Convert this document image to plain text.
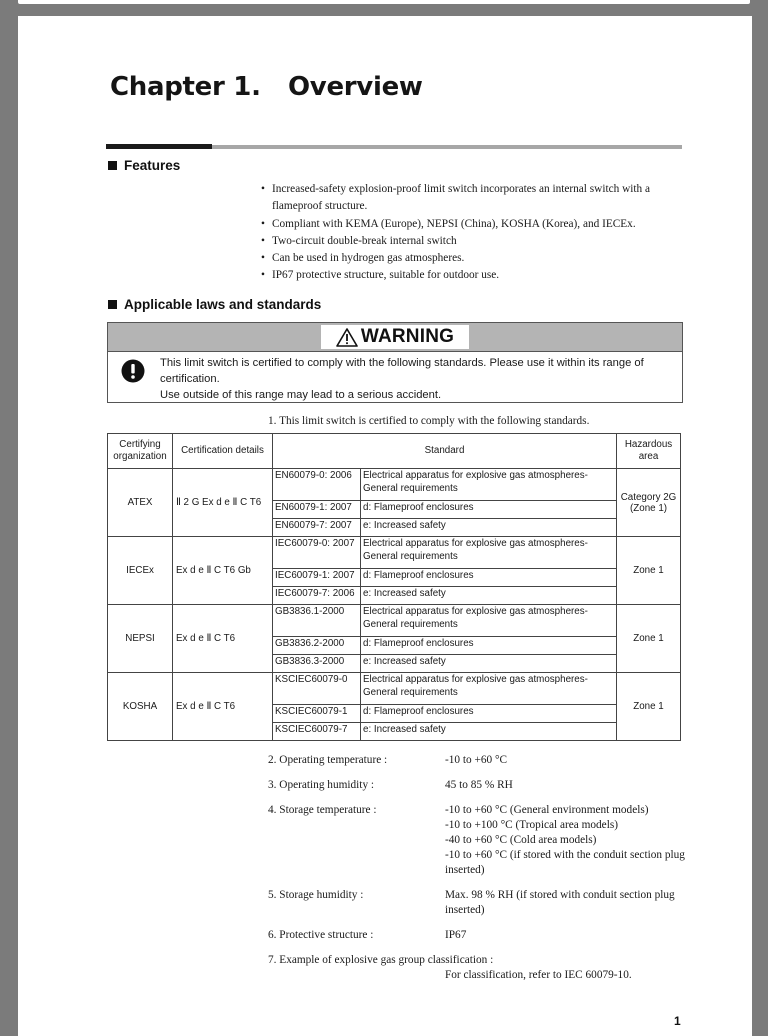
Chapter 1. Overview
Features
• Increased-safety explosion-proof limit switch incorporates an internal switch with a flameproof structure.
• Compliant with KEMA (Europe), NEPSI (China), KOSHA (Korea), and IECEx.
• Two-circuit double-break internal switch
• Can be used in hydrogen gas atmospheres.
• IP67 protective structure, suitable for outdoor use.
Applicable laws and standards
WARNING
This limit switch is certified to comply with the following standards. Please use it within its range of certification.
Use outside of this range may lead to a serious accident.

1. This limit switch is certified to comply with the following standards.

Certifying organization	Certification details	Standard		Hazardous area
ATEX	Ⅱ 2 G Ex d e Ⅱ C T6	EN60079-0: 2006	Electrical apparatus for explosive gas atmospheres-General requirements	Category 2G (Zone 1)
		EN60079-1: 2007	d: Flameproof enclosures	
		EN60079-7: 2007	e: Increased safety	
IECEx	Ex d e Ⅱ C T6 Gb	IEC60079-0: 2007	Electrical apparatus for explosive gas atmospheres-General requirements	Zone 1
		IEC60079-1: 2007	d: Flameproof enclosures	
		IEC60079-7: 2006	e: Increased safety	
NEPSI	Ex d e Ⅱ C T6	GB3836.1-2000	Electrical apparatus for explosive gas atmospheres-General requirements	Zone 1
		GB3836.2-2000	d: Flameproof enclosures	
		GB3836.3-2000	e: Increased safety	
KOSHA	Ex d e Ⅱ C T6	KSCIEC60079-0	Electrical apparatus for explosive gas atmospheres-General requirements	Zone 1
		KSCIEC60079-1	d: Flameproof enclosures	
		KSCIEC60079-7	e: Increased safety	
2. Operating temperature :	-10 to +60 °C
3. Operating humidity :	45 to 85 % RH
4. Storage temperature :	-10 to +60 °C (General environment models)
-10 to +100 °C (Tropical area models)
-40 to +60 °C (Cold area models)
-10 to +60 °C (if stored with the conduit section plug inserted)
5. Storage humidity :	Max. 98 % RH (if stored with conduit section plug inserted)
6. Protective structure :	IP67
7. Example of explosive gas group classification :
For classification, refer to IEC 60079-10.
1
